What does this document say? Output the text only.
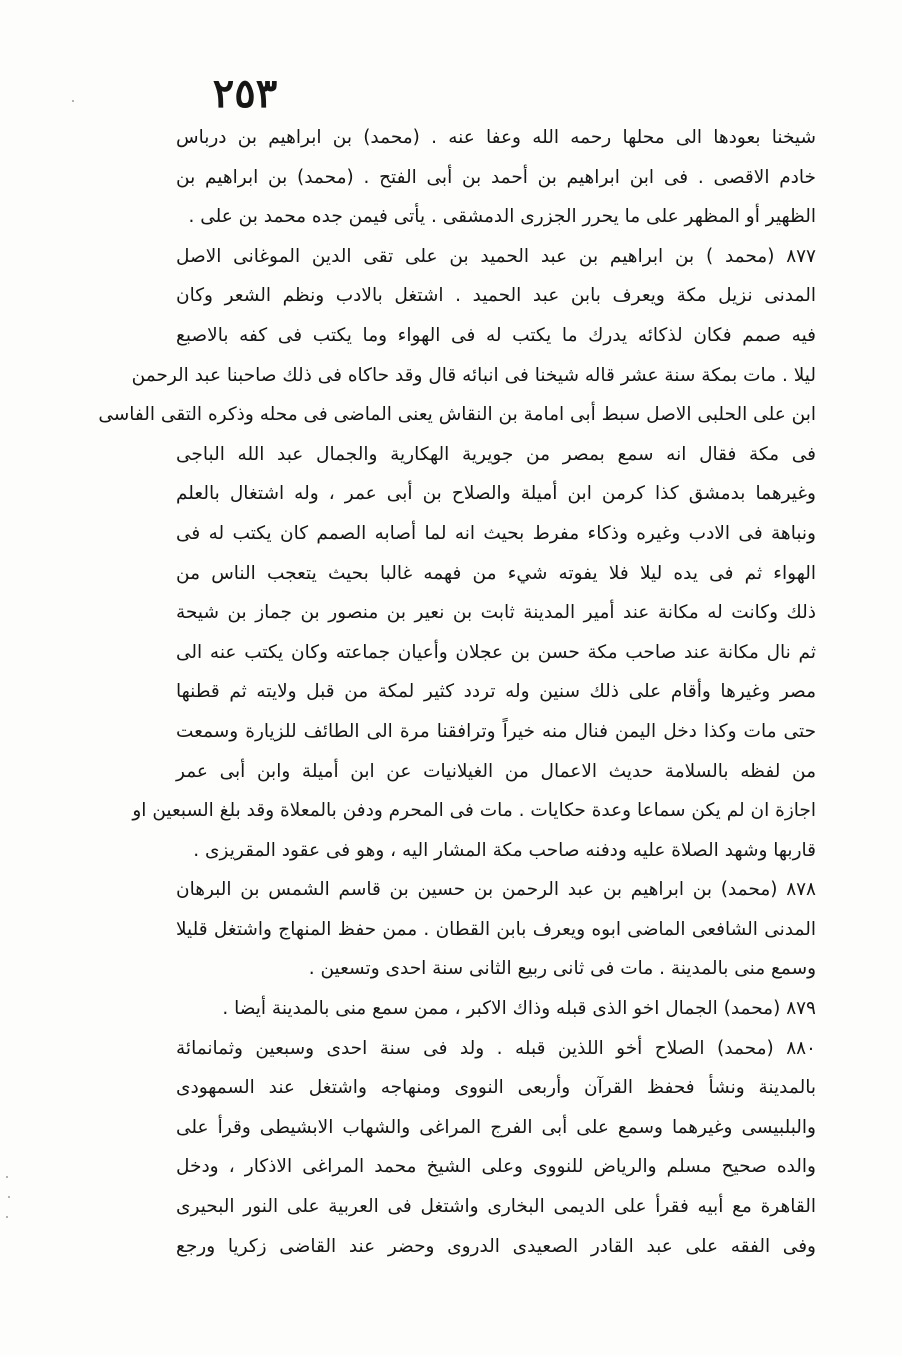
٢٥٣
شيخنا بعودها الى محلها رحمه الله وعفا عنه . (محمد) بن ابراهيم بن درباس
خادم الاقصى . فى ابن ابراهيم بن أحمد بن أبى الفتح . (محمد) بن ابراهيم بن
الظهير أو المظهر على ما يحرر الجزرى الدمشقى . يأتى فيمن جده محمد بن على .
٨٧٧ (محمد ) بن ابراهيم بن عبد الحميد بن على تقى الدين الموغانى الاصل
المدنى نزيل مكة ويعرف بابن عبد الحميد . اشتغل بالادب ونظم الشعر وكان
فيه صمم فكان لذكائه يدرك ما يكتب له فى الهواء وما يكتب فى كفه بالاصبع
ليلا . مات بمكة سنة عشر قاله شيخنا فى انبائه قال وقد حاكاه فى ذلك صاحبنا عبد الرحمن
ابن على الحلبى الاصل سبط أبى امامة بن النقاش يعنى الماضى فى محله وذكره التقى الفاسى
فى مكة فقال انه سمع بمصر من جويرية الهكارية والجمال عبد الله الباجى
وغيرهما بدمشق كذا كرمن ابن أميلة والصلاح بن أبى عمر ، وله اشتغال بالعلم
ونباهة فى الادب وغيره وذكاء مفرط بحيث انه لما أصابه الصمم كان يكتب له فى
الهواء ثم فى يده ليلا فلا يفوته شيء من فهمه غالبا بحيث يتعجب الناس من
ذلك وكانت له مكانة عند أمير المدينة ثابت بن نعير بن منصور بن جماز بن شيحة
ثم نال مكانة عند صاحب مكة حسن بن عجلان وأعيان جماعته وكان يكتب عنه الى
مصر وغيرها وأقام على ذلك سنين وله تردد كثير لمكة من قبل ولايته ثم قطنها
حتى مات وكذا دخل اليمن فنال منه خيراً وترافقنا مرة الى الطائف للزيارة وسمعت
من لفظه بالسلامة حديث الاعمال من الغيلانيات عن ابن أميلة وابن أبى عمر
اجازة ان لم يكن سماعا وعدة حكايات . مات فى المحرم ودفن بالمعلاة وقد بلغ السبعين او
قاربها وشهد الصلاة عليه ودفنه صاحب مكة المشار اليه ، وهو فى عقود المقريزى .
٨٧٨ (محمد) بن ابراهيم بن عبد الرحمن بن حسين بن قاسم الشمس بن البرهان
المدنى الشافعى الماضى ابوه ويعرف بابن القطان . ممن حفظ المنهاج واشتغل قليلا
وسمع منى بالمدينة . مات فى ثانى ربيع الثانى سنة احدى وتسعين .
٨٧٩ (محمد) الجمال اخو الذى قبله وذاك الاكبر ، ممن سمع منى بالمدينة أيضا .
٨٨٠ (محمد) الصلاح أخو اللذين قبله . ولد فى سنة احدى وسبعين وثمانمائة
بالمدينة ونشأ فحفظ القرآن وأربعى النووى ومنهاجه واشتغل عند السمهودى
والبلبيسى وغيرهما وسمع على أبى الفرج المراغى والشهاب الابشيطى وقرأ على
والده صحيح مسلم والرياض للنووى وعلى الشيخ محمد المراغى الاذكار ، ودخل
القاهرة مع أبيه فقرأ على الديمى البخارى واشتغل فى العربية على النور البحيرى
وفى الفقه على عبد القادر الصعيدى الدروى وحضر عند القاضى زكريا ورجع
